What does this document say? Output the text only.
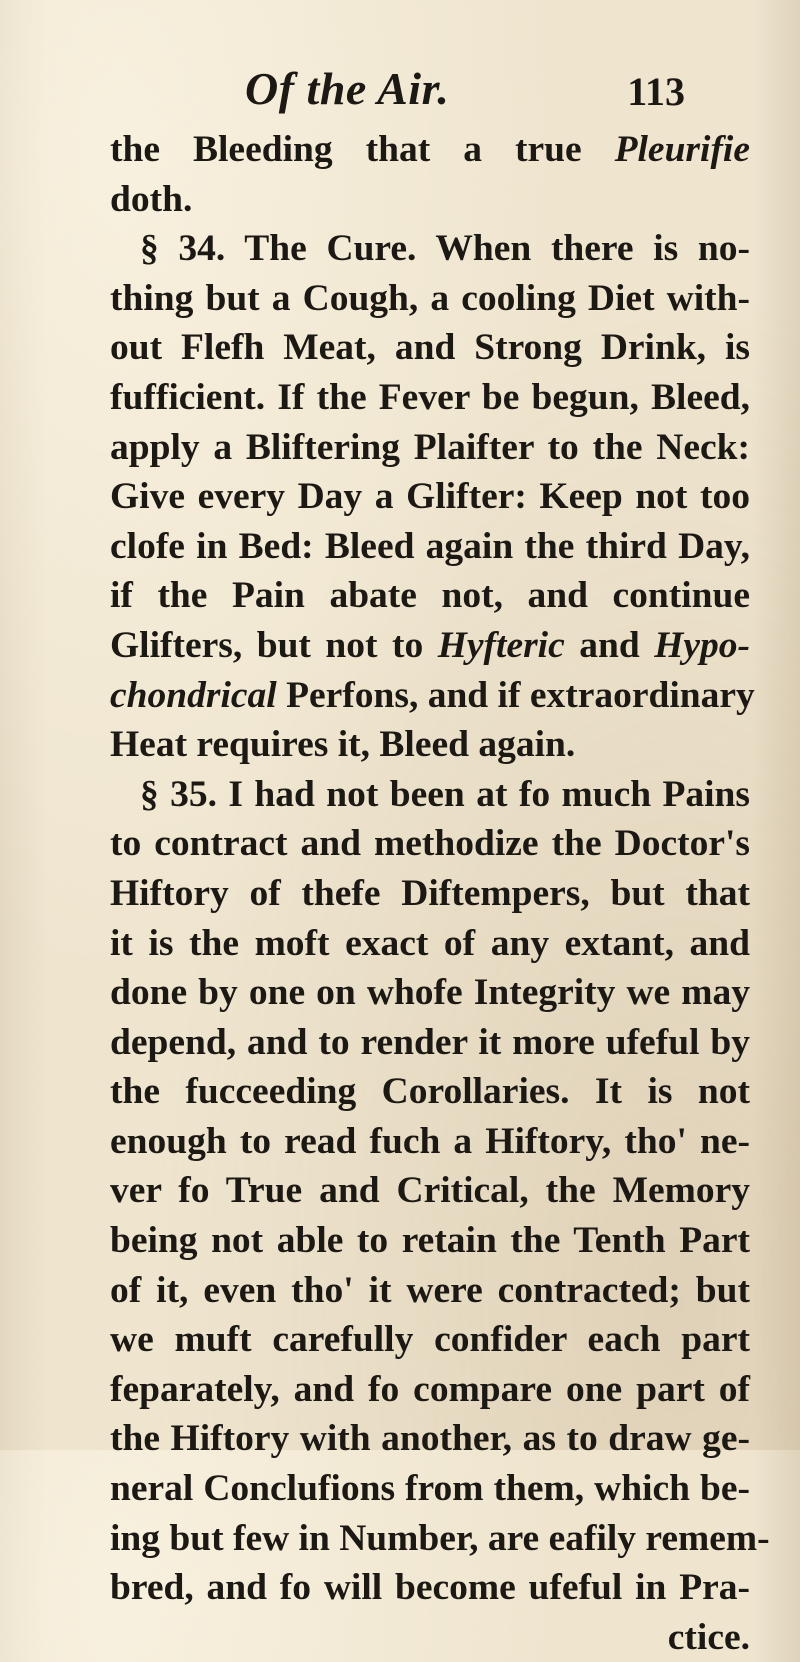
Of the Air.	113
the Bleeding that a true Pleurifie
doth.
§ 34. The Cure. When there is no-
thing but a Cough, a cooling Diet with-
out Flefh Meat, and Strong Drink, is
fufficient. If the Fever be begun, Bleed,
apply a Bliftering Plaifter to the Neck:
Give every Day a Glifter: Keep not too
clofe in Bed: Bleed again the third Day,
if the Pain abate not, and continue
Glifters, but not to Hyfteric and Hypo-
chondrical Perfons, and if extraordinary
Heat requires it, Bleed again.
§ 35. I had not been at fo much Pains
to contract and methodize the Doctor's
Hiftory of thefe Diftempers, but that
it is the moft exact of any extant, and
done by one on whofe Integrity we may
depend, and to render it more ufeful by
the fucceeding Corollaries. It is not
enough to read fuch a Hiftory, tho' ne-
ver fo True and Critical, the Memory
being not able to retain the Tenth Part
of it, even tho' it were contracted; but
we muft carefully confider each part
feparately, and fo compare one part of
the Hiftory with another, as to draw ge-
neral Conclufions from them, which be-
ing but few in Number, are eafily remem-
bred, and fo will become ufeful in Pra-
ctice.
